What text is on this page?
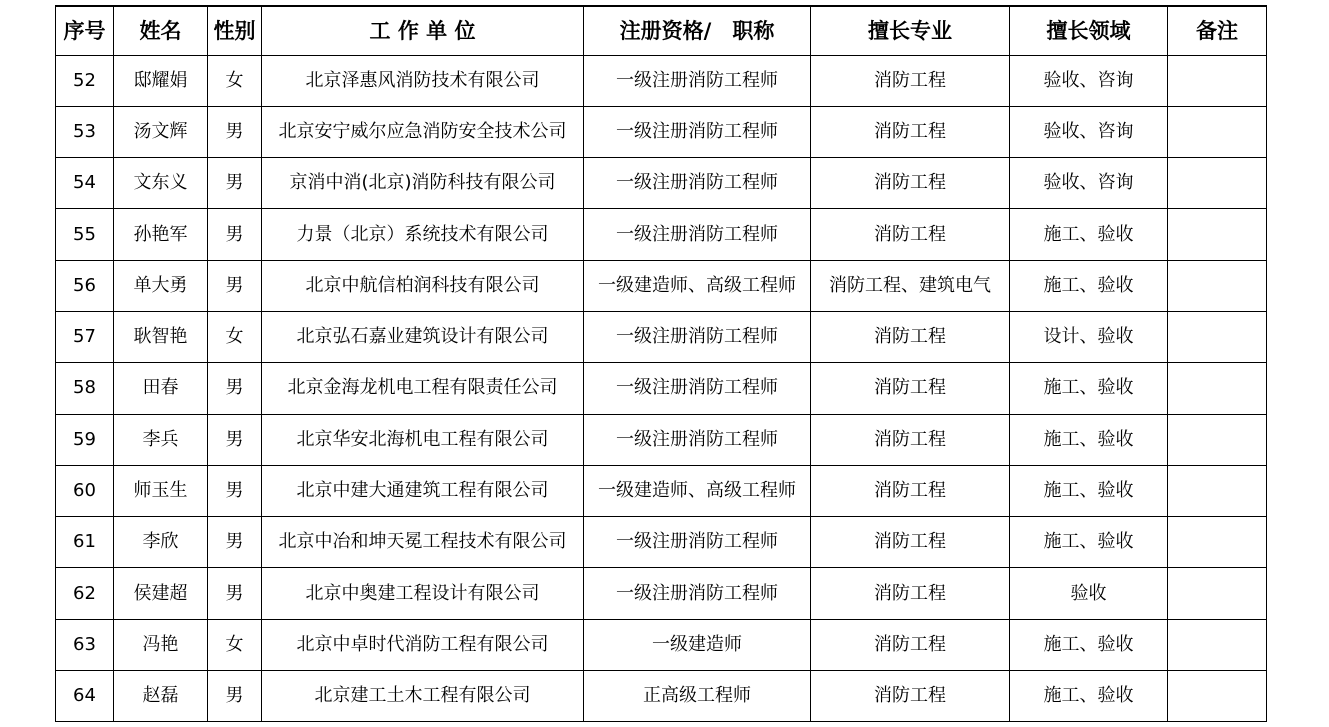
序号	姓名	性别	工 作 单 位	注册资格/　职称	擅长专业	擅长领域	备注
52	邸耀娟	女	北京泽惠风消防技术有限公司	一级注册消防工程师	消防工程	验收、咨询	
53	汤文辉	男	北京安宁威尔应急消防安全技术公司	一级注册消防工程师	消防工程	验收、咨询	
54	文东义	男	京消中消(北京)消防科技有限公司	一级注册消防工程师	消防工程	验收、咨询	
55	孙艳军	男	力景（北京）系统技术有限公司	一级注册消防工程师	消防工程	施工、验收	
56	单大勇	男	北京中航信柏润科技有限公司	一级建造师、高级工程师	消防工程、建筑电气	施工、验收	
57	耿智艳	女	北京弘石嘉业建筑设计有限公司	一级注册消防工程师	消防工程	设计、验收	
58	田春	男	北京金海龙机电工程有限责任公司	一级注册消防工程师	消防工程	施工、验收	
59	李兵	男	北京华安北海机电工程有限公司	一级注册消防工程师	消防工程	施工、验收	
60	师玉生	男	北京中建大通建筑工程有限公司	一级建造师、高级工程师	消防工程	施工、验收	
61	李欣	男	北京中冶和坤天冕工程技术有限公司	一级注册消防工程师	消防工程	施工、验收	
62	侯建超	男	北京中奥建工程设计有限公司	一级注册消防工程师	消防工程	验收	
63	冯艳	女	北京中卓时代消防工程有限公司	一级建造师	消防工程	施工、验收	
64	赵磊	男	北京建工土木工程有限公司	正高级工程师	消防工程	施工、验收	
